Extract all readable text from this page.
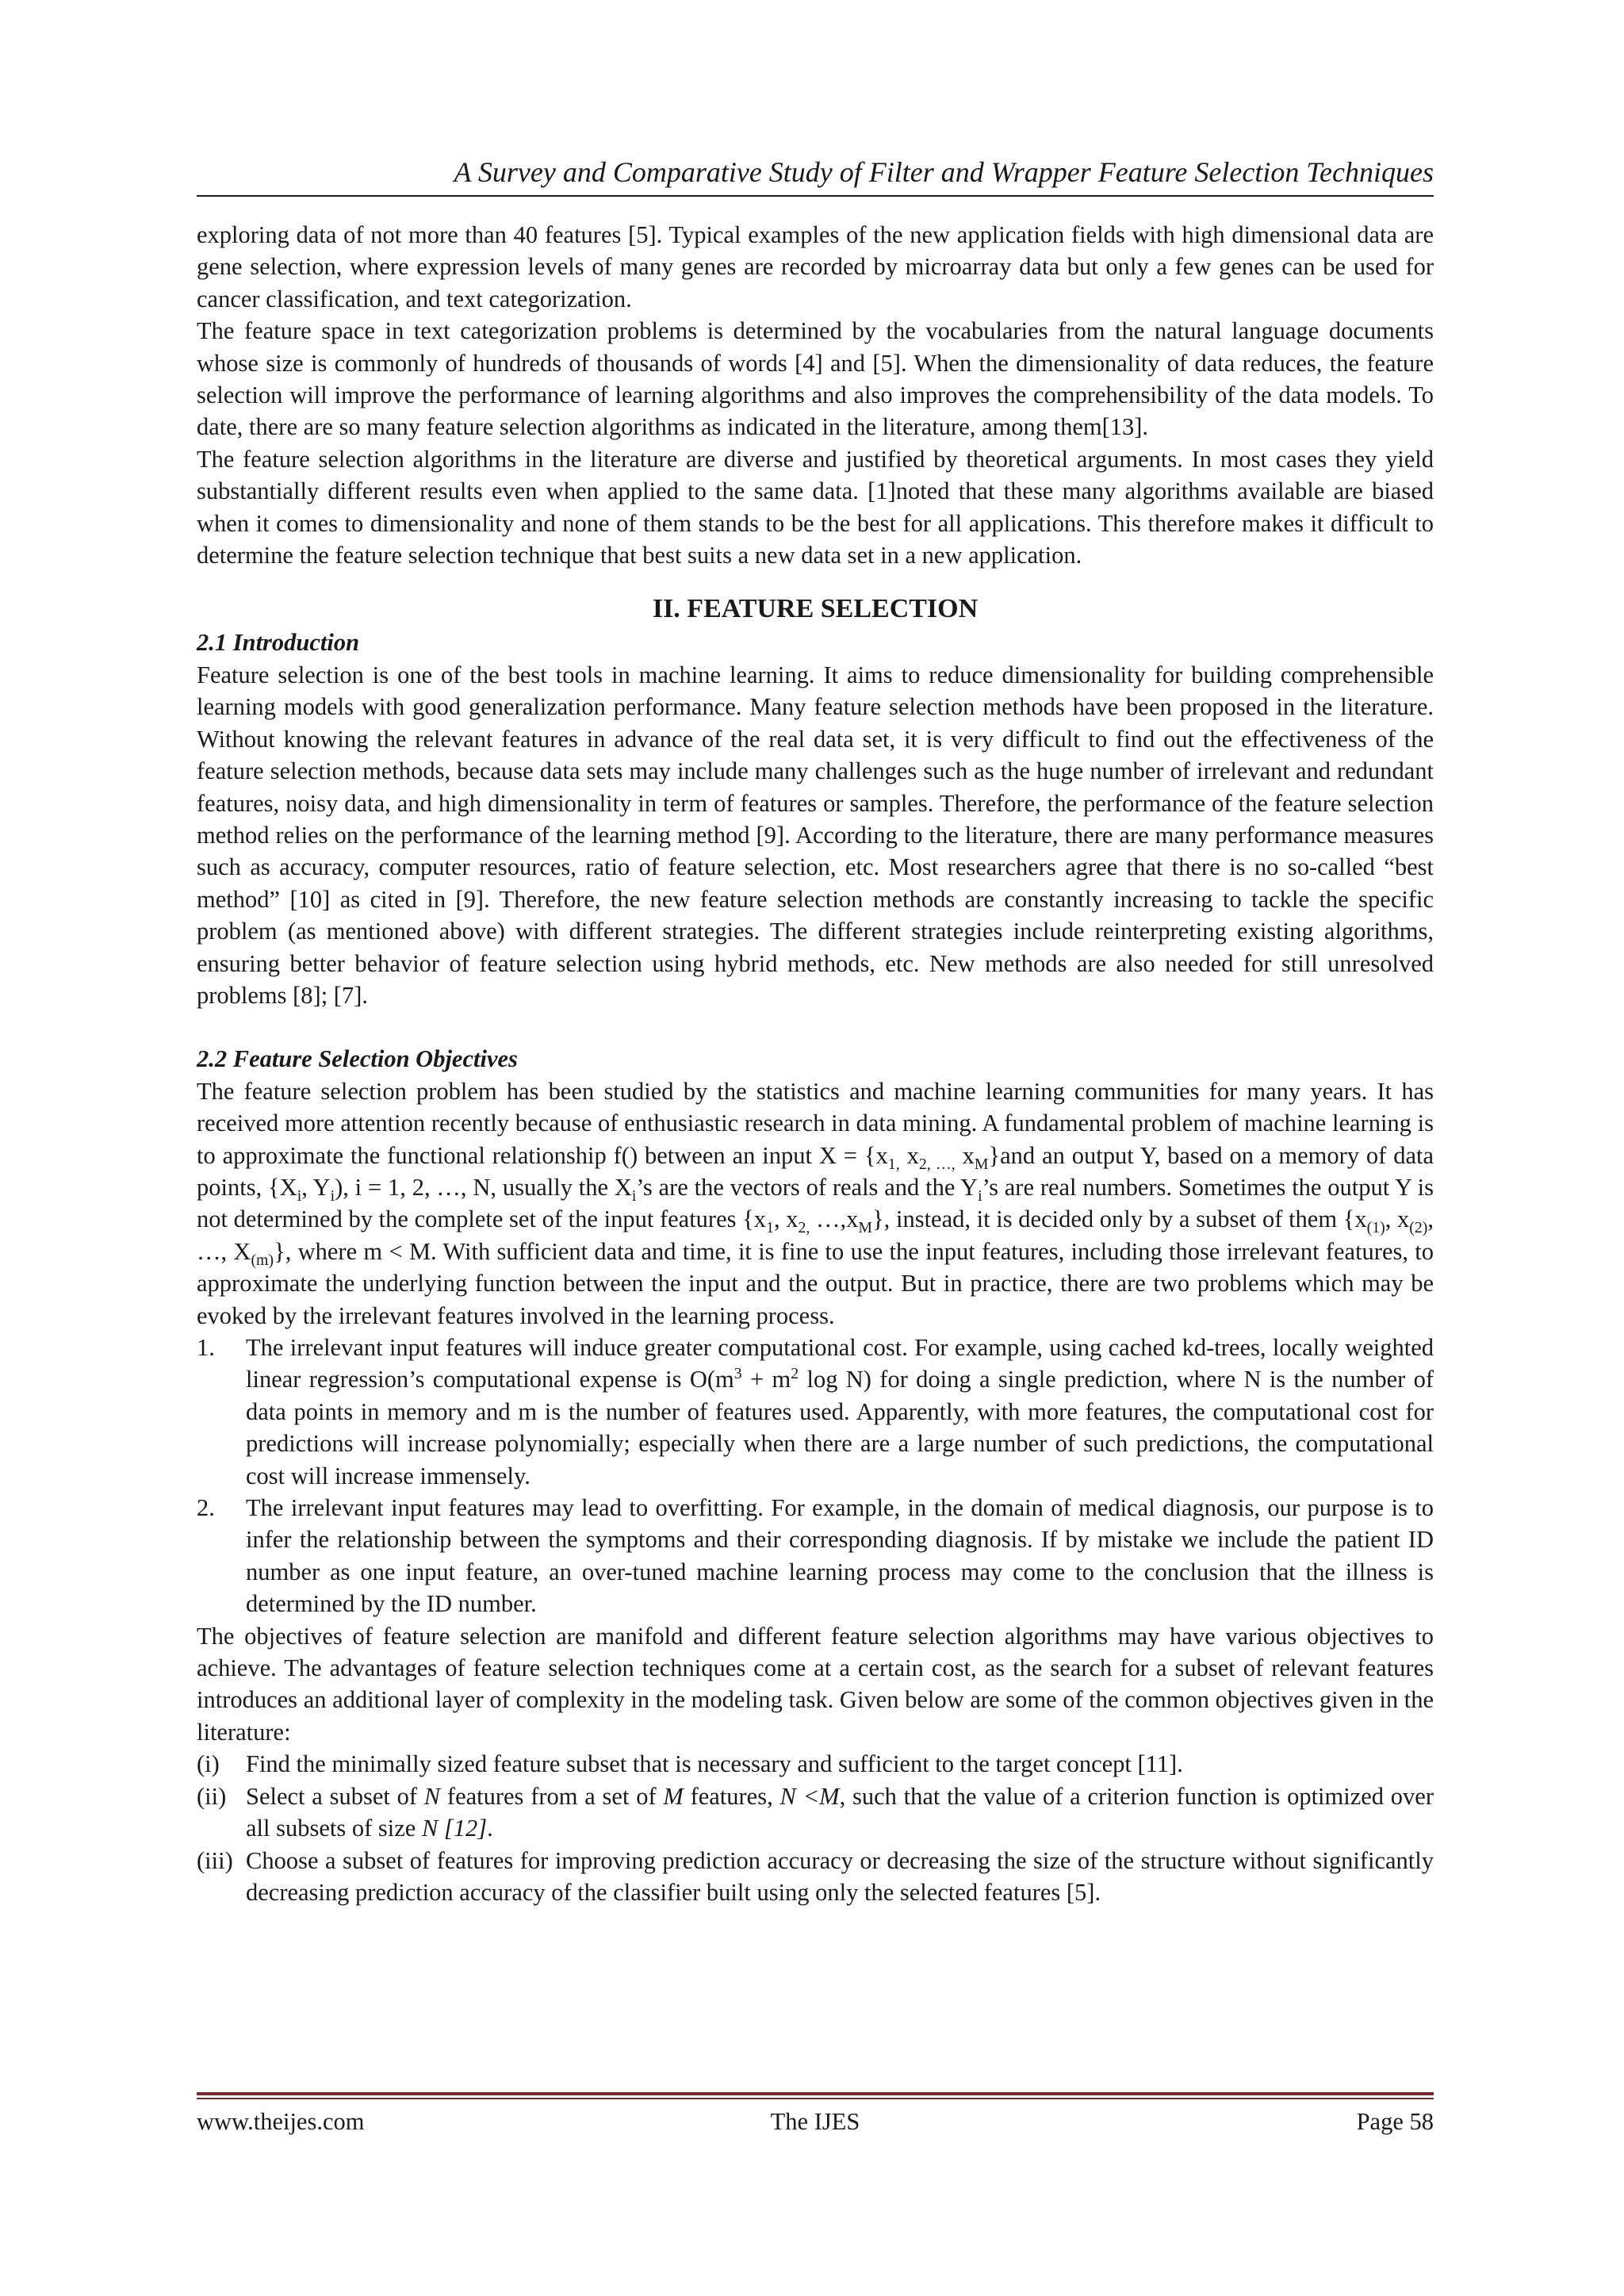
A Survey and Comparative Study of Filter and Wrapper Feature Selection Techniques

exploring data of not more than 40 features [5]. Typical examples of the new application fields with high dimensional data are gene selection, where expression levels of many genes are recorded by microarray data but only a few genes can be used for cancer classification, and text categorization.

The feature space in text categorization problems is determined by the vocabularies from the natural language documents whose size is commonly of hundreds of thousands of words [4] and [5]. When the dimensionality of data reduces, the feature selection will improve the performance of learning algorithms and also improves the comprehensibility of the data models. To date, there are so many feature selection algorithms as indicated in the literature, among them[13].

The feature selection algorithms in the literature are diverse and justified by theoretical arguments. In most cases they yield substantially different results even when applied to the same data. [1]noted that these many algorithms available are biased when it comes to dimensionality and none of them stands to be the best for all applications. This therefore makes it difficult to determine the feature selection technique that best suits a new data set in a new application.

II. FEATURE SELECTION
2.1 Introduction

Feature selection is one of the best tools in machine learning. It aims to reduce dimensionality for building comprehensible learning models with good generalization performance. Many feature selection methods have been proposed in the literature. Without knowing the relevant features in advance of the real data set, it is very difficult to find out the effectiveness of the feature selection methods, because data sets may include many challenges such as the huge number of irrelevant and redundant features, noisy data, and high dimensionality in term of features or samples. Therefore, the performance of the feature selection method relies on the performance of the learning method [9]. According to the literature, there are many performance measures such as accuracy, computer resources, ratio of feature selection, etc. Most researchers agree that there is no so-called “best method” [10] as cited in [9]. Therefore, the new feature selection methods are constantly increasing to tackle the specific problem (as mentioned above) with different strategies. The different strategies include reinterpreting existing algorithms, ensuring better behavior of feature selection using hybrid methods, etc. New methods are also needed for still unresolved problems [8]; [7].

2.2 Feature Selection Objectives

The feature selection problem has been studied by the statistics and machine learning communities for many years. It has received more attention recently because of enthusiastic research in data mining. A fundamental problem of machine learning is to approximate the functional relationship f() between an input $X = \{x_{1,}$ $x_{2, \dots,}$ $x_M\}and$ an output Y, based on a memory of data points, {$X_i$, $Y_i$), i = 1, 2, …, N, usually the $X_i’s$ are the vectors of reals and the $Y_i’s$ are real numbers. Sometimes the output Y is not determined by the complete set of the input features {$x_1$, $x_{2,}$ $\dots,x_M$}, instead, it is decided only by a subset of them {$x_{(1)}$, $x_{(2)}$, …, $X_{(m)}$}, where m < M. With sufficient data and time, it is fine to use the input features, including those irrelevant features, to approximate the underlying function between the input and the output. But in practice, there are two problems which may be evoked by the irrelevant features involved in the learning process.

1. The irrelevant input features will induce greater computational cost. For example, using cached kd-trees, locally weighted linear regression’s computational expense is $O(m^3 + m^2$ log N) for doing a single prediction, where N is the number of data points in memory and m is the number of features used. Apparently, with more features, the computational cost for predictions will increase polynomially; especially when there are a large number of such predictions, the computational cost will increase immensely.
2. The irrelevant input features may lead to overfitting. For example, in the domain of medical diagnosis, our purpose is to infer the relationship between the symptoms and their corresponding diagnosis. If by mistake we include the patient ID number as one input feature, an over-tuned machine learning process may come to the conclusion that the illness is determined by the ID number.

The objectives of feature selection are manifold and different feature selection algorithms may have various objectives to achieve. The advantages of feature selection techniques come at a certain cost, as the search for a subset of relevant features introduces an additional layer of complexity in the modeling task. Given below are some of the common objectives given in the literature:

(i) Find the minimally sized feature subset that is necessary and sufficient to the target concept [11].
(ii) Select a subset of N features from a set of M features, N <M, such that the value of a criterion function is optimized over all subsets of size N [12].
(iii) Choose a subset of features for improving prediction accuracy or decreasing the size of the structure without significantly decreasing prediction accuracy of the classifier built using only the selected features [5].
www.theijes.com	The IJES	Page 58
